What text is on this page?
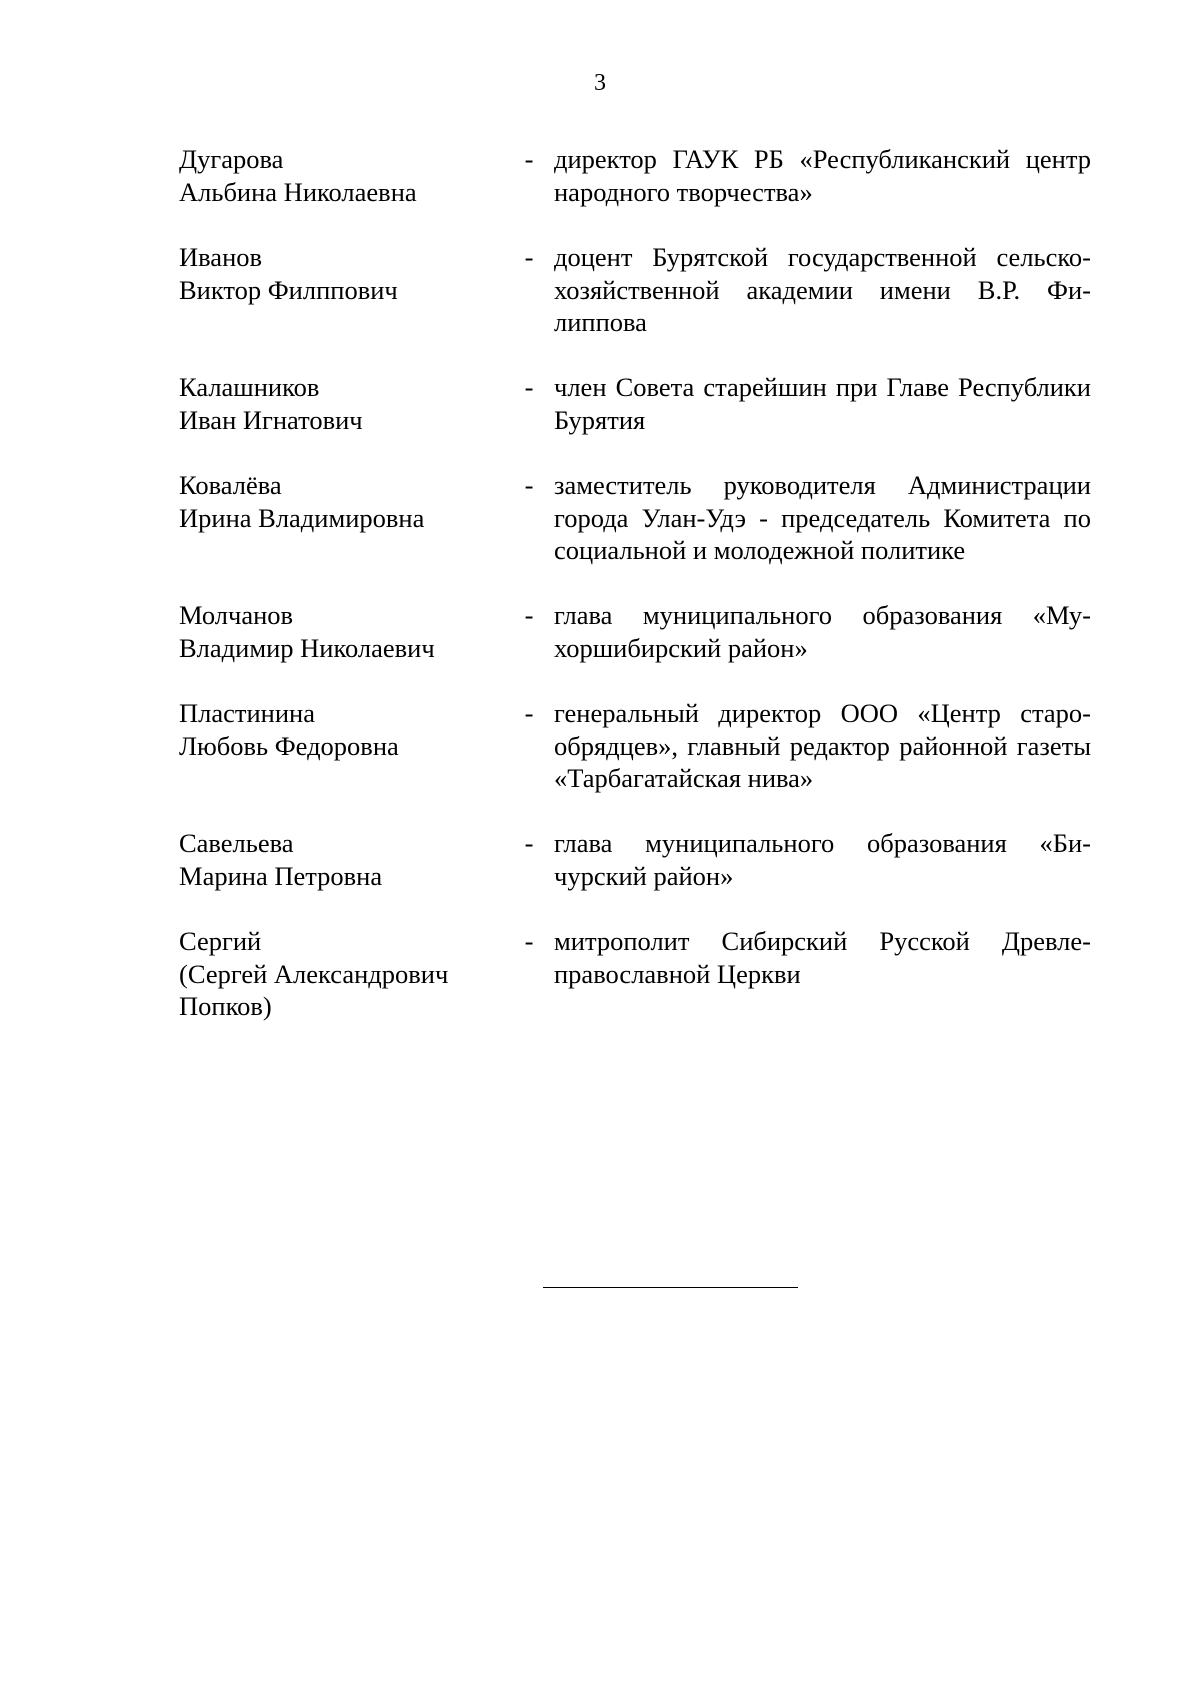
3
Дугарова
Альбина Николаевна
- директор ГАУК РБ «Республиканский центр народного творчества»
Иванов
Виктор Филппович
- доцент Бурятской государственной сельскохозяйственной академии имени В.Р. Филиппова
Калашников
Иван Игнатович
- член Совета старейшин при Главе Республики Бурятия
Ковалёва
Ирина Владимировна
- заместитель руководителя Администрации города Улан-Удэ - председатель Комитета по социальной и молодежной политике
Молчанов
Владимир Николаевич
- глава муниципального образования «Мухоршибирский район»
Пластинина
Любовь Федоровна
- генеральный директор ООО «Центр старообрядцев», главный редактор районной газеты «Тарбагатайская нива»
Савельева
Марина Петровна
- глава муниципального образования «Бичурский район»
Сергий
(Сергей Александрович
Попков)
- митрополит Сибирский Русской Древлеправославной Церкви
